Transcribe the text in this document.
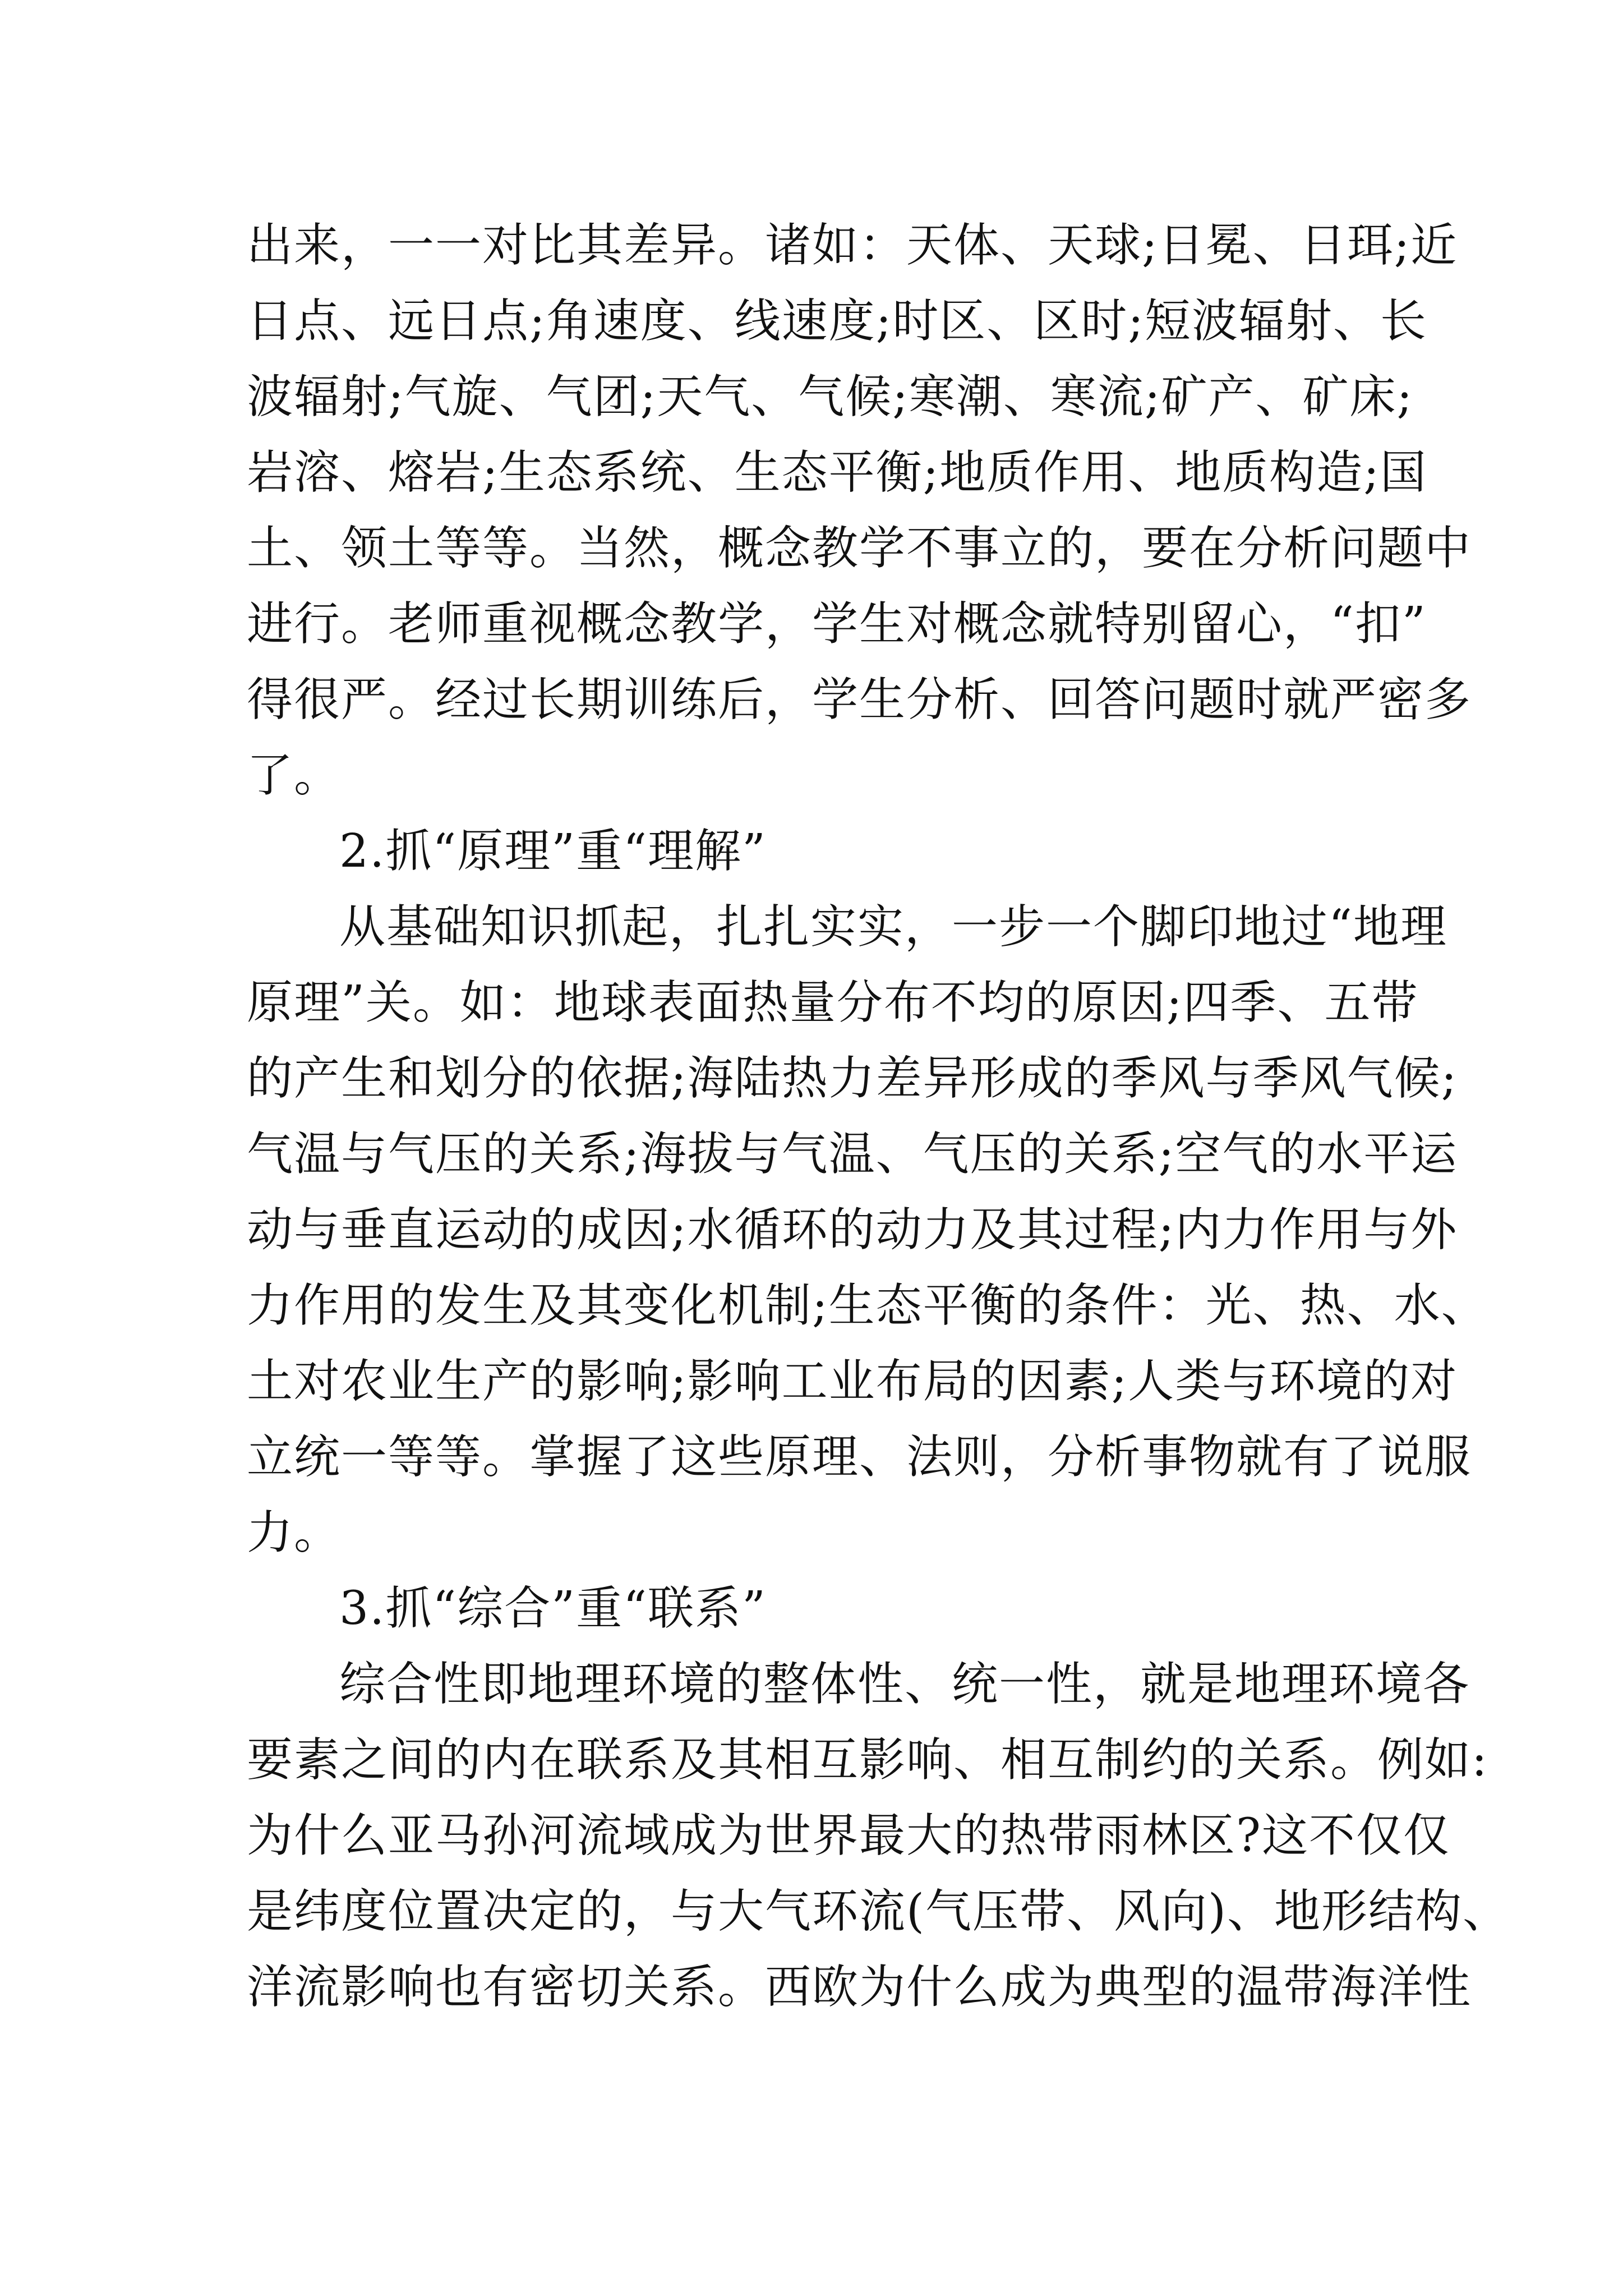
出来，一一对比其差异。诸如：天体、天球;日冕、日珥;近
日点、远日点;角速度、线速度;时区、区时;短波辐射、长
波辐射;气旋、气团;天气、气候;寒潮、寒流;矿产、矿床;
岩溶、熔岩;生态系统、生态平衡;地质作用、地质构造;国
土、领土等等。当然，概念教学不事立的，要在分析问题中
进行。老师重视概念教学，学生对概念就特别留心，“扣”
得很严。经过长期训练后，学生分析、回答问题时就严密多
了。
2.抓“原理”重“理解”
从基础知识抓起，扎扎实实，一步一个脚印地过“地理
原理”关。如：地球表面热量分布不均的原因;四季、五带
的产生和划分的依据;海陆热力差异形成的季风与季风气候;
气温与气压的关系;海拔与气温、气压的关系;空气的水平运
动与垂直运动的成因;水循环的动力及其过程;内力作用与外
力作用的发生及其变化机制;生态平衡的条件：光、热、水、
土对农业生产的影响;影响工业布局的因素;人类与环境的对
立统一等等。掌握了这些原理、法则，分析事物就有了说服
力。
3.抓“综合”重“联系”
综合性即地理环境的整体性、统一性，就是地理环境各
要素之间的内在联系及其相互影响、相互制约的关系。例如:
为什么亚马孙河流域成为世界最大的热带雨林区?这不仅仅
是纬度位置决定的，与大气环流(气压带、风向)、地形结构、
洋流影响也有密切关系。西欧为什么成为典型的温带海洋性
